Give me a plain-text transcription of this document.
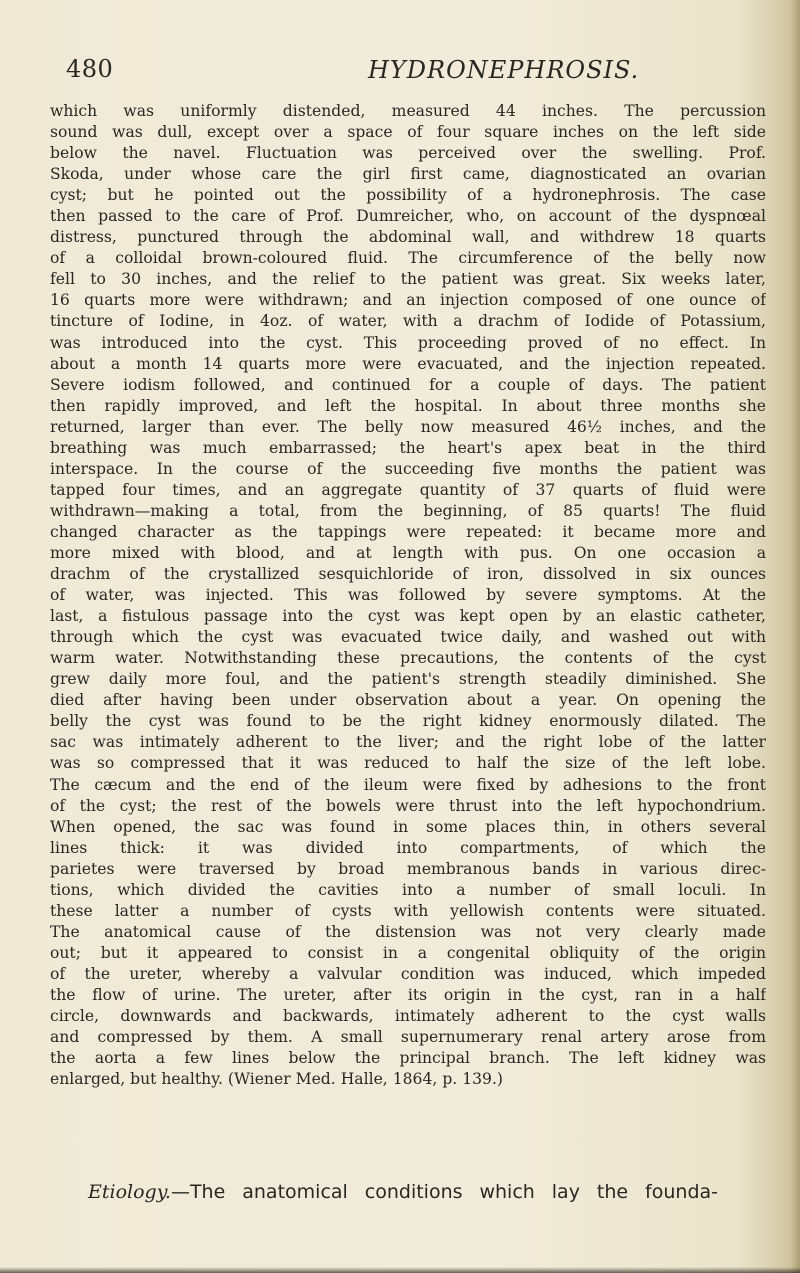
480	HYDRONEPHROSIS.
which was uniformly distended, measured 44 inches. The percussion
sound was dull, except over a space of four square inches on the left side
below the navel. Fluctuation was perceived over the swelling. Prof.
Skoda, under whose care the girl first came, diagnosticated an ovarian
cyst; but he pointed out the possibility of a hydronephrosis. The case
then passed to the care of Prof. Dumreicher, who, on account of the dyspnœal
distress, punctured through the abdominal wall, and withdrew 18 quarts
of a colloidal brown-coloured fluid. The circumference of the belly now
fell to 30 inches, and the relief to the patient was great. Six weeks later,
16 quarts more were withdrawn; and an injection composed of one ounce of
tincture of Iodine, in 4oz. of water, with a drachm of Iodide of Potassium,
was introduced into the cyst. This proceeding proved of no effect. In
about a month 14 quarts more were evacuated, and the injection repeated.
Severe iodism followed, and continued for a couple of days. The patient
then rapidly improved, and left the hospital. In about three months she
returned, larger than ever. The belly now measured 46½ inches, and the
breathing was much embarrassed; the heart's apex beat in the third
interspace. In the course of the succeeding five months the patient was
tapped four times, and an aggregate quantity of 37 quarts of fluid were
withdrawn—making a total, from the beginning, of 85 quarts! The fluid
changed character as the tappings were repeated: it became more and
more mixed with blood, and at length with pus. On one occasion a
drachm of the crystallized sesquichloride of iron, dissolved in six ounces
of water, was injected. This was followed by severe symptoms. At the
last, a fistulous passage into the cyst was kept open by an elastic catheter,
through which the cyst was evacuated twice daily, and washed out with
warm water. Notwithstanding these precautions, the contents of the cyst
grew daily more foul, and the patient's strength steadily diminished. She
died after having been under observation about a year. On opening the
belly the cyst was found to be the right kidney enormously dilated. The
sac was intimately adherent to the liver; and the right lobe of the latter
was so compressed that it was reduced to half the size of the left lobe.
The cæcum and the end of the ileum were fixed by adhesions to the front
of the cyst; the rest of the bowels were thrust into the left hypochondrium.
When opened, the sac was found in some places thin, in others several
lines thick: it was divided into compartments, of which the
parietes were traversed by broad membranous bands in various direc-
tions, which divided the cavities into a number of small loculi. In
these latter a number of cysts with yellowish contents were situated.
The anatomical cause of the distension was not very clearly made
out; but it appeared to consist in a congenital obliquity of the origin
of the ureter, whereby a valvular condition was induced, which impeded
the flow of urine. The ureter, after its origin in the cyst, ran in a half
circle, downwards and backwards, intimately adherent to the cyst walls
and compressed by them. A small supernumerary renal artery arose from
the aorta a few lines below the principal branch. The left kidney was
enlarged, but healthy. (Wiener Med. Halle, 1864, p. 139.)
Etiology.—The anatomical conditions which lay the founda-
